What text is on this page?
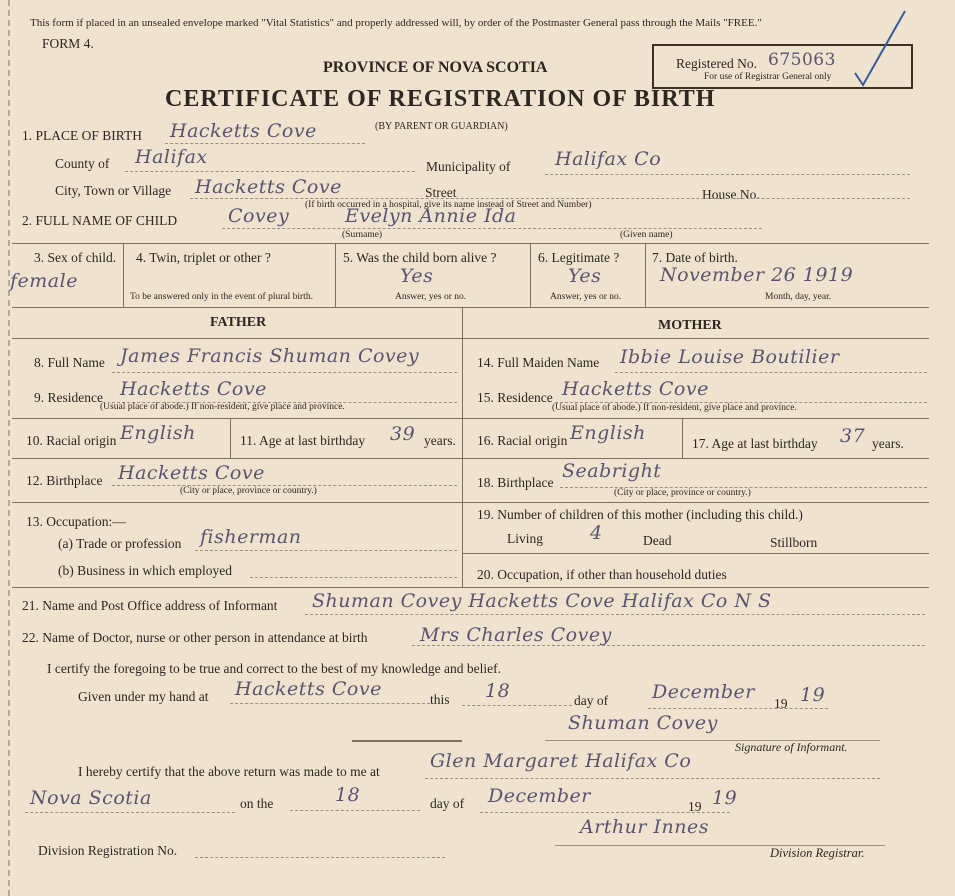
This form if placed in an unsealed envelope marked "Vital Statistics" and properly addressed will, by order of the Postmaster General pass through the Mails "FREE."
FORM 4.
PROVINCE OF NOVA SCOTIA
CERTIFICATE OF REGISTRATION OF BIRTH
(BY PARENT OR GUARDIAN)
Registered No. 675063
For use of Registrar General only
1. PLACE OF BIRTH Hacketts Cove
County of Halifax	Municipality of Halifax Co
City, Town or Village Hacketts Cove	Street	House No.
(If birth occurred in a hospital, give its name instead of Street and Number)
2. FULL NAME OF CHILD	Covey	Evelyn Annie Ida
(Surname)	(Given name)
3. Sex of child.
female
4. Twin, triplet or other ?
To be answered only in the event of plural birth.
5. Was the child born alive ?
Yes
Answer, yes or no.
6. Legitimate ?
Yes
Answer, yes or no.
7. Date of birth.
November 26 1919
Month, day, year.
FATHER	MOTHER
8. Full Name James Francis Shuman Covey
9. Residence Hacketts Cove
(Usual place of abode.) If non-resident, give place and province.
10. Racial origin English	11. Age at last birthday 39 years.
12. Birthplace Hacketts Cove
(City or place, province or country.)
13. Occupation:—
(a) Trade or profession fisherman
(b) Business in which employed
14. Full Maiden Name Ibbie Louise Boutilier
15. Residence Hacketts Cove
(Usual place of abode.) If non-resident, give place and province.
16. Racial origin English	17. Age at last birthday 37 years.
18. Birthplace
Seabright
(City or place, province or country.)
19. Number of children of this mother (including this child.)
Living 4	Dead	Stillborn
20. Occupation, if other than household duties
21. Name and Post Office address of Informant Shuman Covey Hacketts Cove Halifax Co N S
22. Name of Doctor, nurse or other person in attendance at birth	Mrs Charles Covey
I certify the foregoing to be true and correct to the best of my knowledge and belief.
Given under my hand at Hacketts Cove	this 18	day of December
19 19
Shuman Covey
Signature of Informant.
I hereby certify that the above return was made to me at	Glen Margaret Halifax Co
Nova Scotia	on the	18	day of December	19 19
Arthur Innes
Division Registration No.	Division Registrar.
